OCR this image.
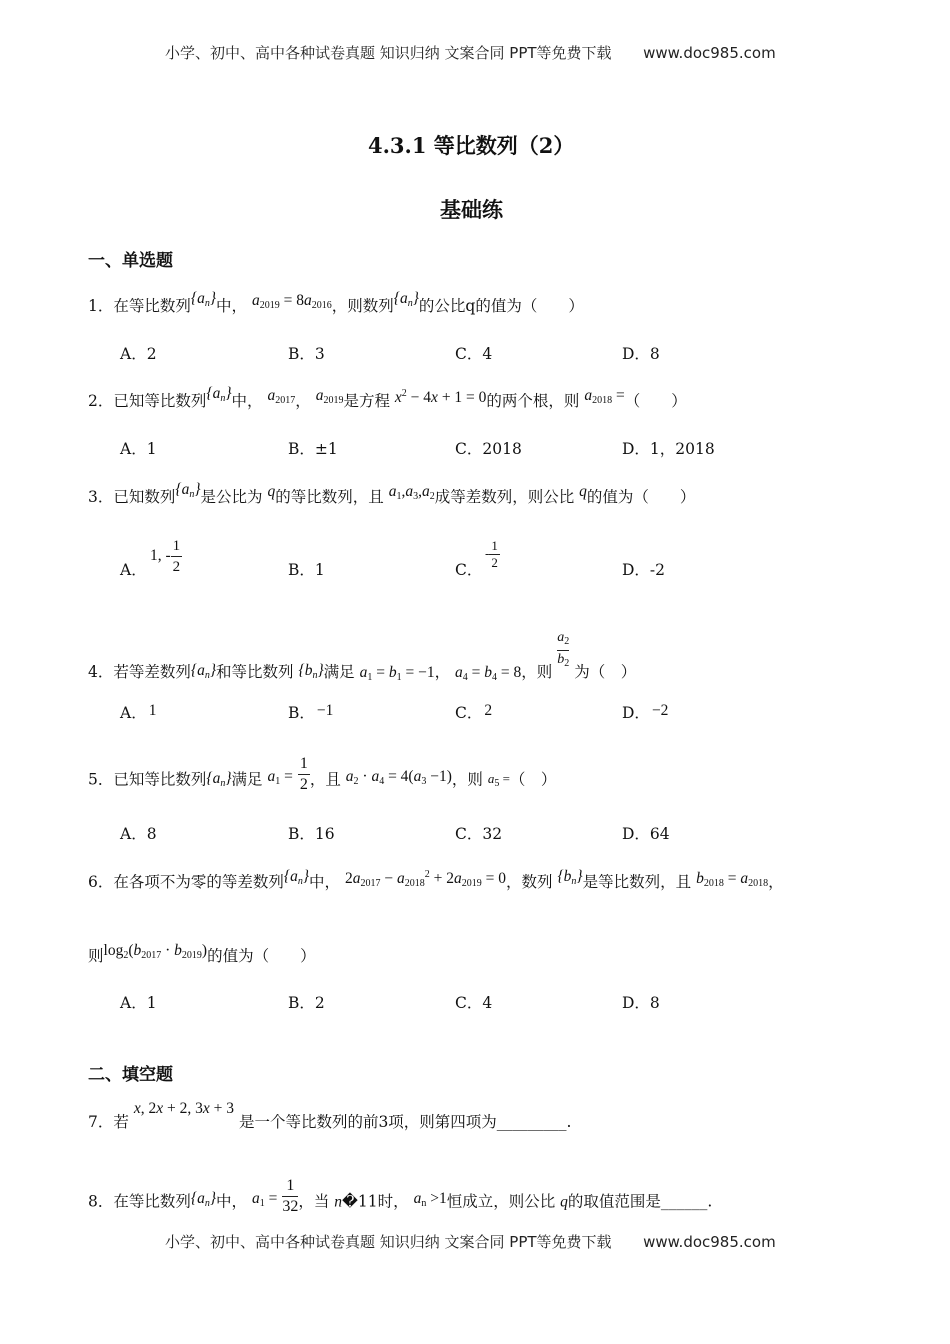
小学、初中、高中各种试卷真题 知识归纳 文案合同 PPT等免费下载 www.doc985.com
4.3.1 等比数列（2）
基础练
一、单选题
1．在等比数列$\{a_n\}$中， $a_{2019} = 8a_{2016}$，则数列$\{a_n\}$的公比q的值为（　　）
A．2	B．3	C．4	D．8
2．已知等比数列$\{a_n\}$中， $a_{2017}$， $a_{2019}$是方程 $x^2 - 4x + 1 = 0$的两个根，则 $a_{2018}$ =（　　）
A．1	B．±1	C．2018	D．1，2018
3．已知数列$\{a_n\}$是公比为 q的等比数列，且 $a_1,a_3,a_2$成等差数列，则公比 q的值为（　　）
A．
1, - $\frac{1}{2}$	B．1	C．
- $\frac{1}{2}$	D．-2
4．若等差数列$\{a_n\}$和等比数列 $\{b_n\}$满足 $a_1 = b_1 = -1$， $a_4 = b_4 = 8$，则 $\frac{a_2}{b_2}$ 为（　）
A． 1	B． −1	C． 2	D． −2
5．已知等比数列$\{a_n\}$满足 $a_1 = \frac{1}{2}$ ，且 $a_2 \cdot a_4 = 4(a_3 -1)$，则 $a_5$ =（　）
A．8	B．16	C．32	D．64
6．在各项不为零的等差数列$\{a_n\}$中， $2a_{2017} - a_{2018}^2 + 2a_{2019} = 0$，数列 $\{b_n\}$是等比数列，且 $b_{2018} = a_{2018}$，
则$\log_2(b_{2017} \cdot b_{2019})$的值为（　　）
A．1	B．2	C．4	D．8
二、填空题
7．若 x, 2x + 2, 3x + 3 是一个等比数列的前3项，则第四项为_________.
8．在等比数列$\{a_n\}$中， $a_1 = \frac{1}{32}$ ，当 n�11时， $a_n >1$恒成立，则公比 q的取值范围是______.
小学、初中、高中各种试卷真题 知识归纳 文案合同 PPT等免费下载 www.doc985.com
